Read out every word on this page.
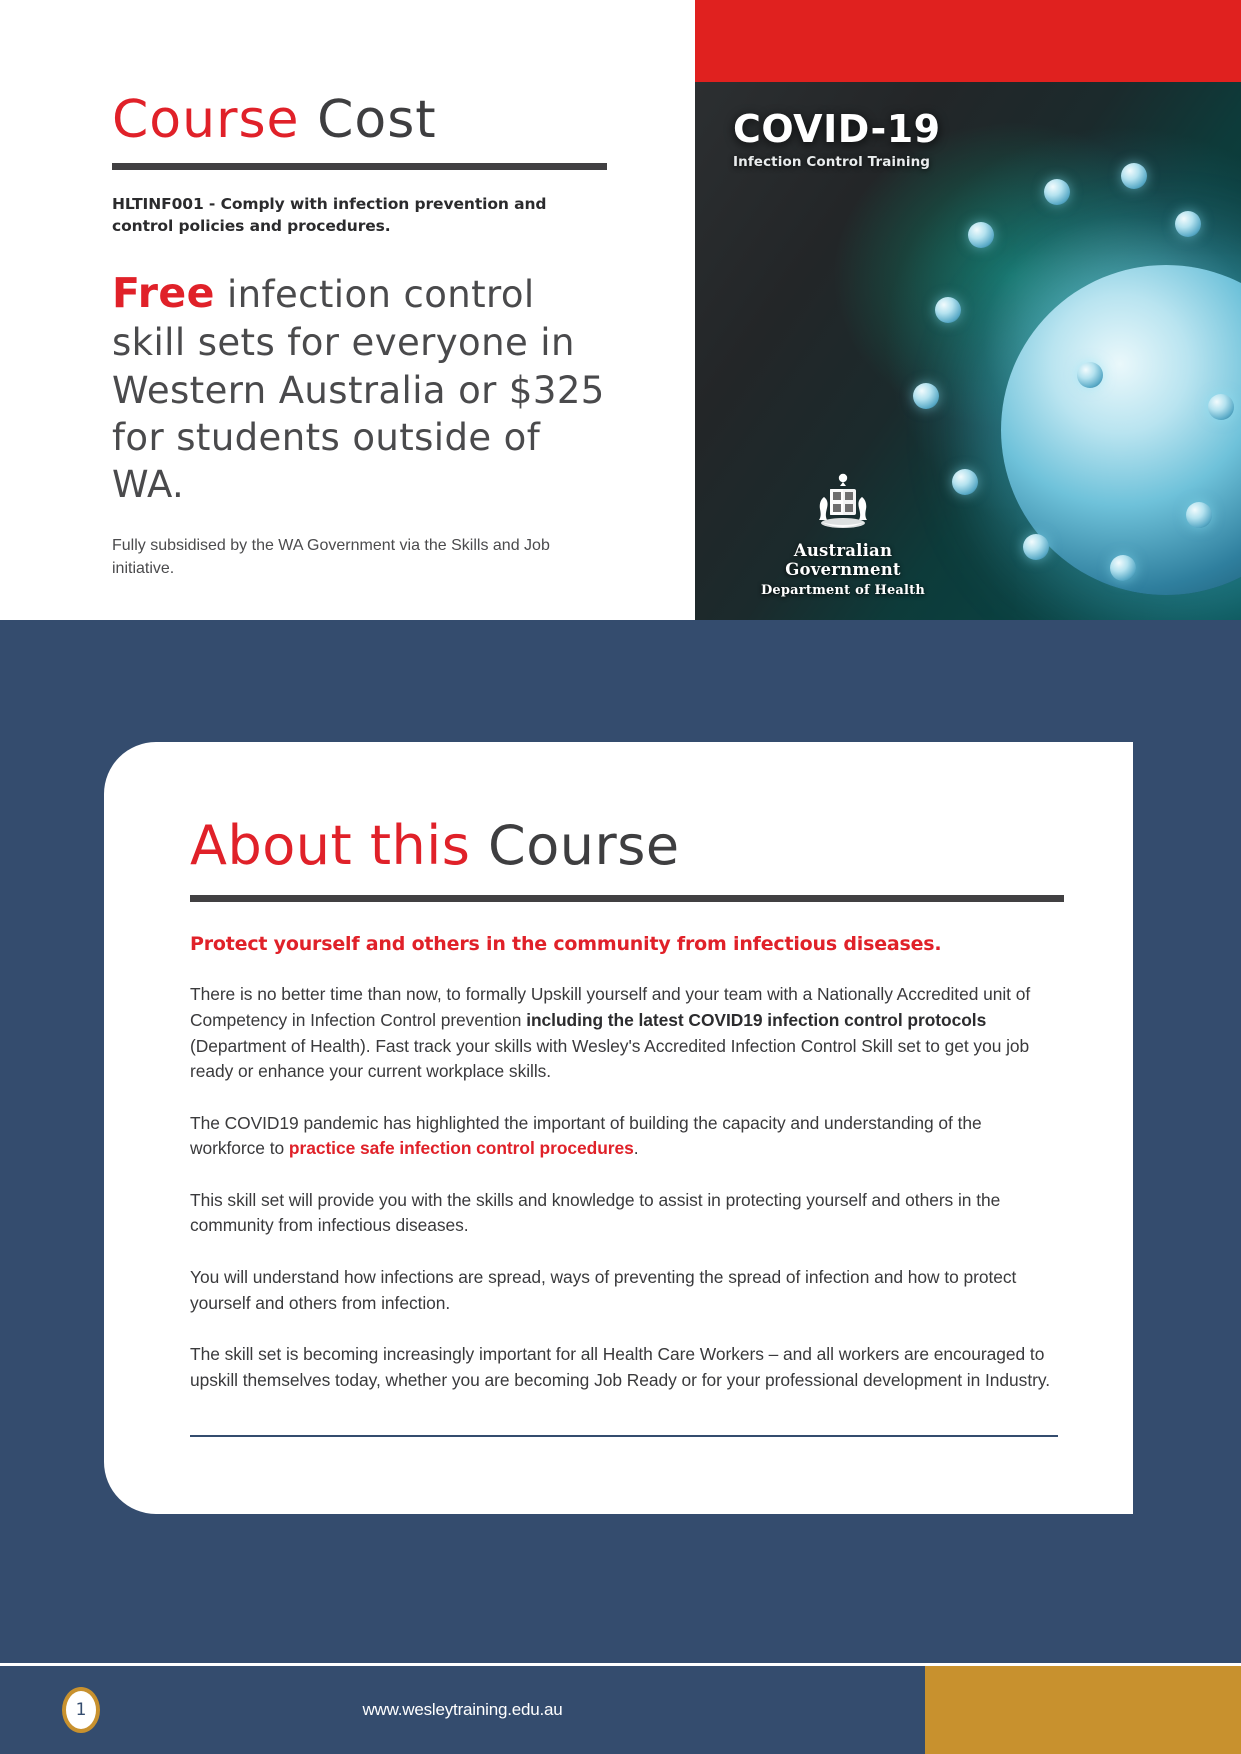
Course Cost
HLTINF001 - Comply with infection prevention and control policies and procedures.
Free infection control skill sets for everyone in Western Australia or $325 for students outside of WA.
Fully subsidised by the WA Government via the Skills and Job initiative.
COVID-19
Infection Control Training
Australian Government
Department of Health
About this Course
Protect yourself and others in the community from infectious diseases.

There is no better time than now, to formally Upskill yourself and your team with a Nationally Accredited unit of Competency in Infection Control prevention including the latest COVID19 infection control protocols (Department of Health). Fast track your skills with Wesley's Accredited Infection Control Skill set to get you job ready or enhance your current workplace skills.

The COVID19 pandemic has highlighted the important of building the capacity and understanding of the workforce to practice safe infection control procedures.

This skill set will provide you with the skills and knowledge to assist in protecting yourself and others in the community from infectious diseases.

You will understand how infections are spread, ways of preventing the spread of infection and how to protect yourself and others from infection.

The skill set is becoming increasingly important for all Health Care Workers – and all workers are encouraged to upskill themselves today, whether you are becoming Job Ready or for your professional development in Industry.

1	www.wesleytraining.edu.au
